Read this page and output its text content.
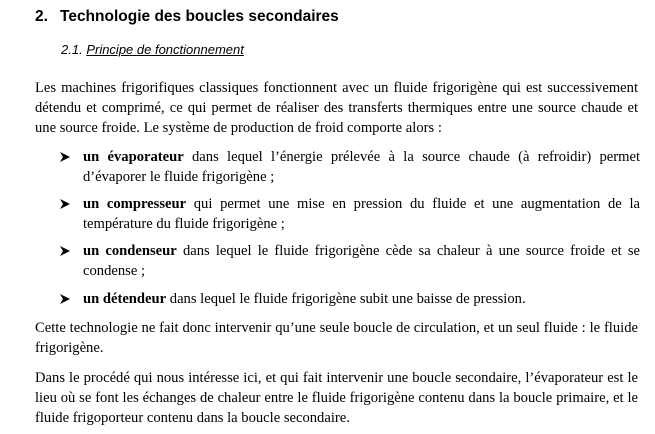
2. Technologie des boucles secondaires
2.1. Principe de fonctionnement

Les machines frigorifiques classiques fonctionnent avec un fluide frigorigène qui est successivement détendu et comprimé, ce qui permet de réaliser des transferts thermiques entre une source chaude et une source froide. Le système de production de froid comporte alors :

un évaporateur dans lequel l’énergie prélevée à la source chaude (à refroidir) permet d’évaporer le fluide frigorigène ;
un compresseur qui permet une mise en pression du fluide et une augmentation de la température du fluide frigorigène ;
un condenseur dans lequel le fluide frigorigène cède sa chaleur à une source froide et se condense ;
un détendeur dans lequel le fluide frigorigène subit une baisse de pression.

Cette technologie ne fait donc intervenir qu’une seule boucle de circulation, et un seul fluide : le fluide frigorigène.

Dans le procédé qui nous intéresse ici, et qui fait intervenir une boucle secondaire, l’évaporateur est le lieu où se font les échanges de chaleur entre le fluide frigorigène contenu dans la boucle primaire, et le fluide frigoporteur contenu dans la boucle secondaire.
